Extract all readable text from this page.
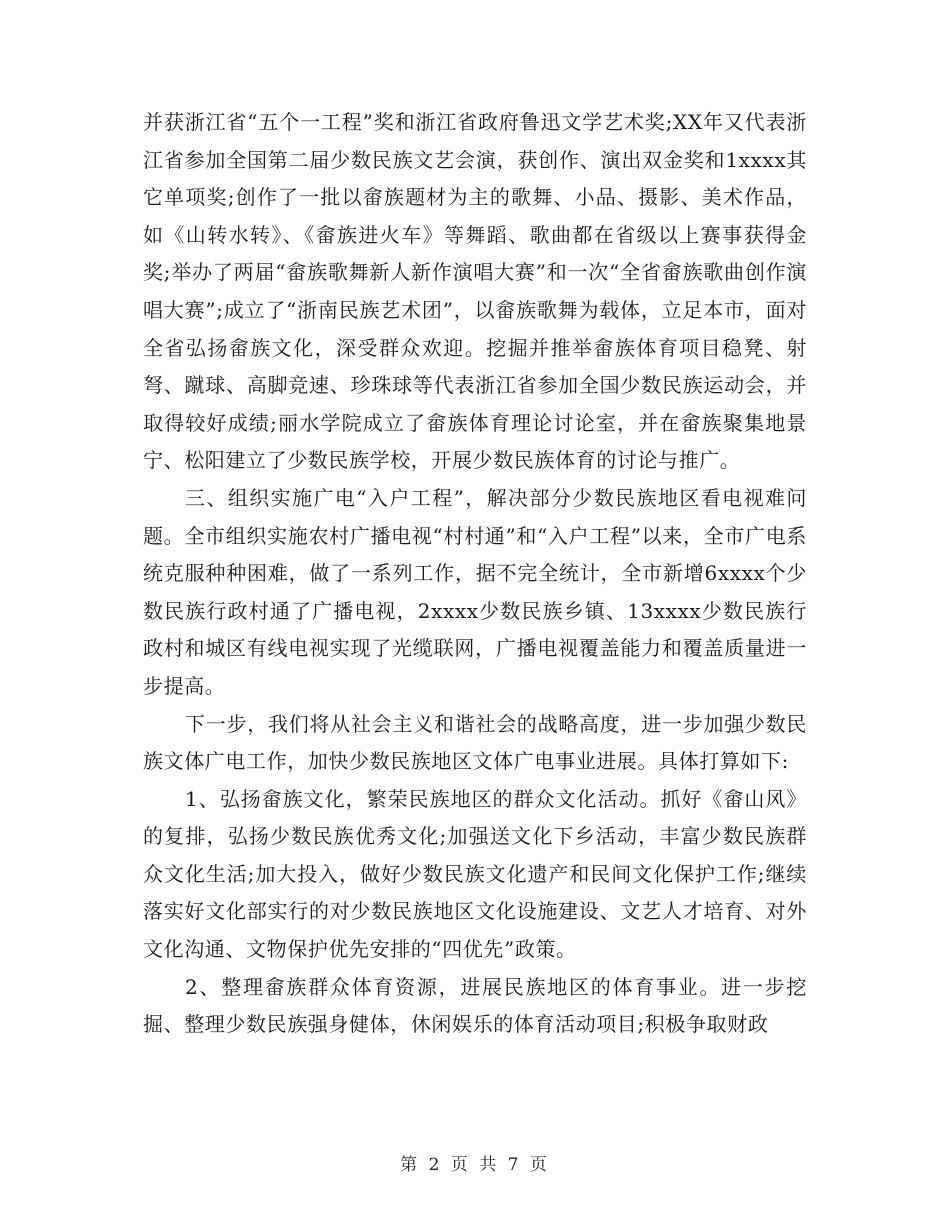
并获浙江省“五个一工程”奖和浙江省政府鲁迅文学艺术奖;XX年又代表浙江省参加全国第二届少数民族文艺会演，获创作、演出双金奖和1xxxx其它单项奖;创作了一批以畲族题材为主的歌舞、小品、摄影、美术作品，如《山转水转》、《畲族进火车》等舞蹈、歌曲都在省级以上赛事获得金奖;举办了两届“畲族歌舞新人新作演唱大赛”和一次“全省畲族歌曲创作演唱大赛”;成立了“浙南民族艺术团”，以畲族歌舞为载体，立足本市，面对全省弘扬畲族文化，深受群众欢迎。挖掘并推举畲族体育项目稳凳、射弩、蹴球、高脚竞速、珍珠球等代表浙江省参加全国少数民族运动会，并取得较好成绩;丽水学院成立了畲族体育理论讨论室，并在畲族聚集地景宁、松阳建立了少数民族学校，开展少数民族体育的讨论与推广。

三、组织实施广电“入户工程”，解决部分少数民族地区看电视难问题。全市组织实施农村广播电视“村村通”和“入户工程”以来，全市广电系统克服种种困难，做了一系列工作，据不完全统计，全市新增6xxxx个少数民族行政村通了广播电视，2xxxx少数民族乡镇、13xxxx少数民族行政村和城区有线电视实现了光缆联网，广播电视覆盖能力和覆盖质量进一步提高。

下一步，我们将从社会主义和谐社会的战略高度，进一步加强少数民族文体广电工作，加快少数民族地区文体广电事业进展。具体打算如下:

1、弘扬畲族文化，繁荣民族地区的群众文化活动。抓好《畲山风》的复排，弘扬少数民族优秀文化;加强送文化下乡活动，丰富少数民族群众文化生活;加大投入，做好少数民族文化遗产和民间文化保护工作;继续落实好文化部实行的对少数民族地区文化设施建设、文艺人才培育、对外文化沟通、文物保护优先安排的“四优先”政策。

2、整理畲族群众体育资源，进展民族地区的体育事业。进一步挖掘、整理少数民族强身健体，休闲娱乐的体育活动项目;积极争取财政

第 2 页 共 7 页
